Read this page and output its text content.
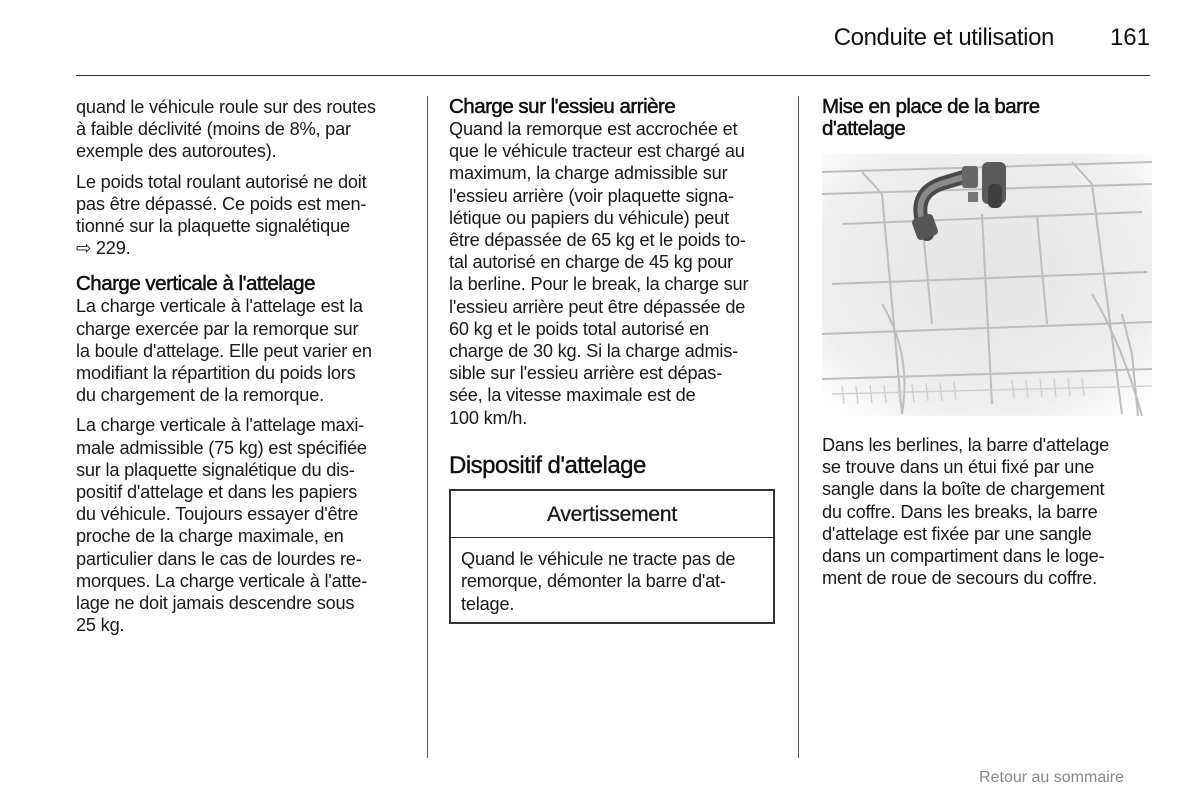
Conduite et utilisation	161

quand le véhicule roule sur des routes
à faible déclivité (moins de 8%, par
exemple des autoroutes).

Le poids total roulant autorisé ne doit
pas être dépassé. Ce poids est men-
tionné sur la plaquette signalétique
⇨ 229.

Charge verticale à l'attelage

La charge verticale à l'attelage est la
charge exercée par la remorque sur
la boule d'attelage. Elle peut varier en
modifiant la répartition du poids lors
du chargement de la remorque.

La charge verticale à l'attelage maxi-
male admissible (75 kg) est spécifiée
sur la plaquette signalétique du dis-
positif d'attelage et dans les papiers
du véhicule. Toujours essayer d'être
proche de la charge maximale, en
particulier dans le cas de lourdes re-
morques. La charge verticale à l'atte-
lage ne doit jamais descendre sous
25 kg.

Charge sur l'essieu arrière

Quand la remorque est accrochée et
que le véhicule tracteur est chargé au
maximum, la charge admissible sur
l'essieu arrière (voir plaquette signa-
létique ou papiers du véhicule) peut
être dépassée de 65 kg et le poids to-
tal autorisé en charge de 45 kg pour
la berline. Pour le break, la charge sur
l'essieu arrière peut être dépassée de
60 kg et le poids total autorisé en
charge de 30 kg. Si la charge admis-
sible sur l'essieu arrière est dépas-
sée, la vitesse maximale est de
100 km/h.

Dispositif d'attelage
Avertissement
Quand le véhicule ne tracte pas de
remorque, démonter la barre d'at-
telage.
Mise en place de la barre
d'attelage

Dans les berlines, la barre d'attelage
se trouve dans un étui fixé par une
sangle dans la boîte de chargement
du coffre. Dans les breaks, la barre
d'attelage est fixée par une sangle
dans un compartiment dans le loge-
ment de roue de secours du coffre.

Retour au sommaire
